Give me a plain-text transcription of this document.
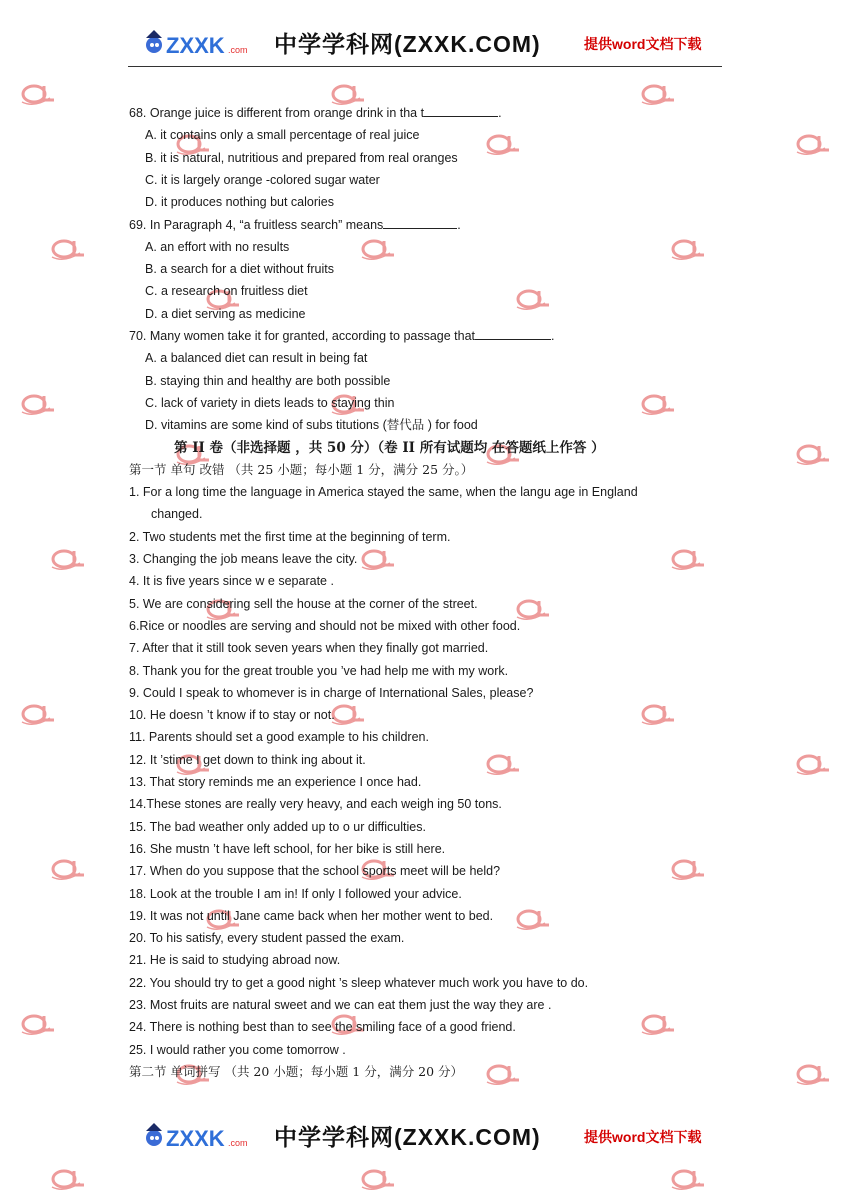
ZXXK .com 中学学科网(ZXXK.COM)	提供word文档下载
68. Orange juice is different from orange drink in tha t	.
A. it contains only a small percentage of real juice
B. it is natural, nutritious and prepared from real oranges
C. it is largely orange -colored sugar water
D. it produces nothing but calories
69. In Paragraph 4, “a fruitless search” means	.
A. an effort with no results
B. a search for a diet without fruits
C. a research on fruitless diet
D. a diet serving as medicine
70. Many women take it for granted, according to passage that	.
A. a balanced diet can result in being fat
B. staying thin and healthy are both possible
C. lack of variety in diets leads to staying thin
D. vitamins are some kind of subs titutions (替代品 ) for food
第 II 卷（非选择题 ，共 50 分）（卷 II 所有试题均 在答题纸上作答 ）
第一节 单句 改错 （共 25 小题；每小题 1 分，满分 25 分。）
1. For a long time the language in America stayed the same, when the langu age in England
changed.
2. Two students met the first time at the beginning of term.
3. Changing the job means leave the city.
4. It is five years since w e separate .
5. We are considering sell the house at the corner of the street.
6.Rice or noodles are serving and should not be mixed with other food.
7. After that it still took seven years when they finally got married.
8. Thank you for the great trouble you ’ve had help me with my work.
9. Could I speak to whomever is in charge of International Sales, please?
10. He doesn ’t know if to stay or not.
11. Parents should set a good example to his children.
12. It ’stime I get down to think ing about it.
13. That story reminds me an experience I once had.
14.These stones are really very heavy, and each weigh ing 50 tons.
15. The bad weather only added up to o ur difficulties.
16. She mustn ’t have left school, for her bike is still here.
17. When do you suppose that the school sports meet will be held?
18. Look at the trouble I am in! If only I followed your advice.
19. It was not until Jane came back when her mother went to bed.
20. To his satisfy, every student passed the exam.
21. He is said to studying abroad now.
22. You should try to get a good night ’s sleep whatever much work you have to do.
23. Most fruits are natural sweet and we can eat them just the way they are .
24. There is nothing best than to see the smiling face of a good friend.
25. I would rather you come tomorrow .
第二节 单词拼写 （共 20 小题；每小题 1 分，满分 20 分）
ZXXK .com 中学学科网(ZXXK.COM)	提供word文档下载
